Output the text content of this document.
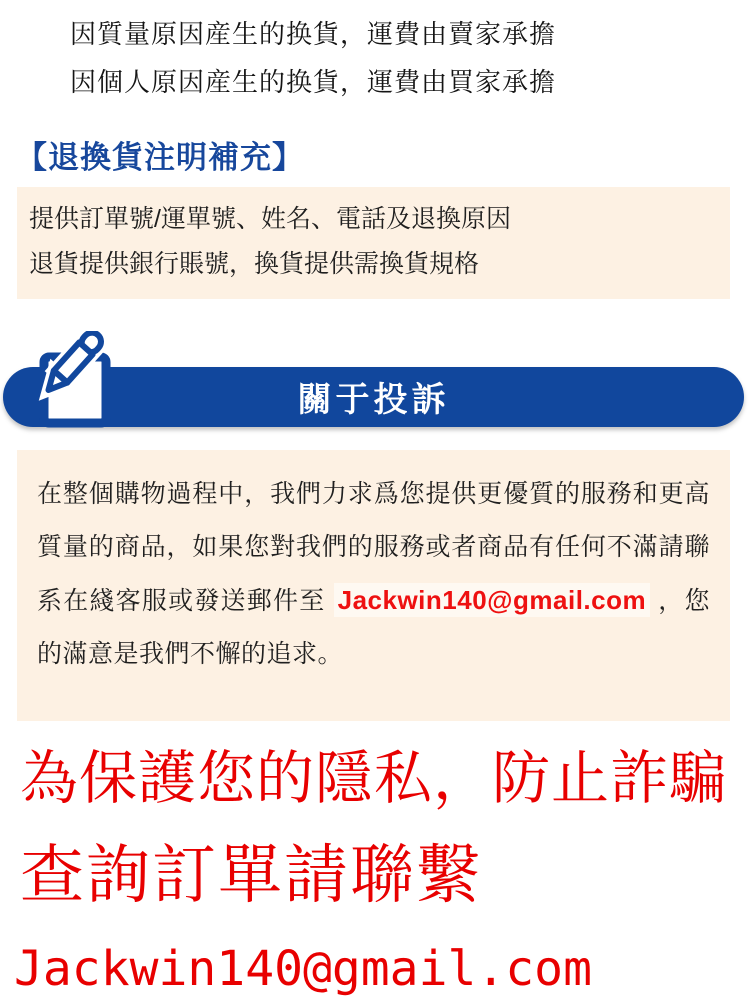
因質量原因産生的换貨，運費由賣家承擔
因個人原因産生的换貨，運費由買家承擔
【退換貨注明補充】
提供訂單號/運單號、姓名、電話及退換原因
退貨提供銀行賬號，換貨提供需換貨規格
關于投訴
在整個購物過程中，我們力求爲您提供更優質的服務和更高質量的商品，如果您對我們的服務或者商品有任何不滿請聯系在綫客服或發送郵件至 Jackwin140@gmail.com ，您的滿意是我們不懈的追求。
為保護您的隱私，防止詐騙
查詢訂單請聯繫
Jackwin140@gmail.com
